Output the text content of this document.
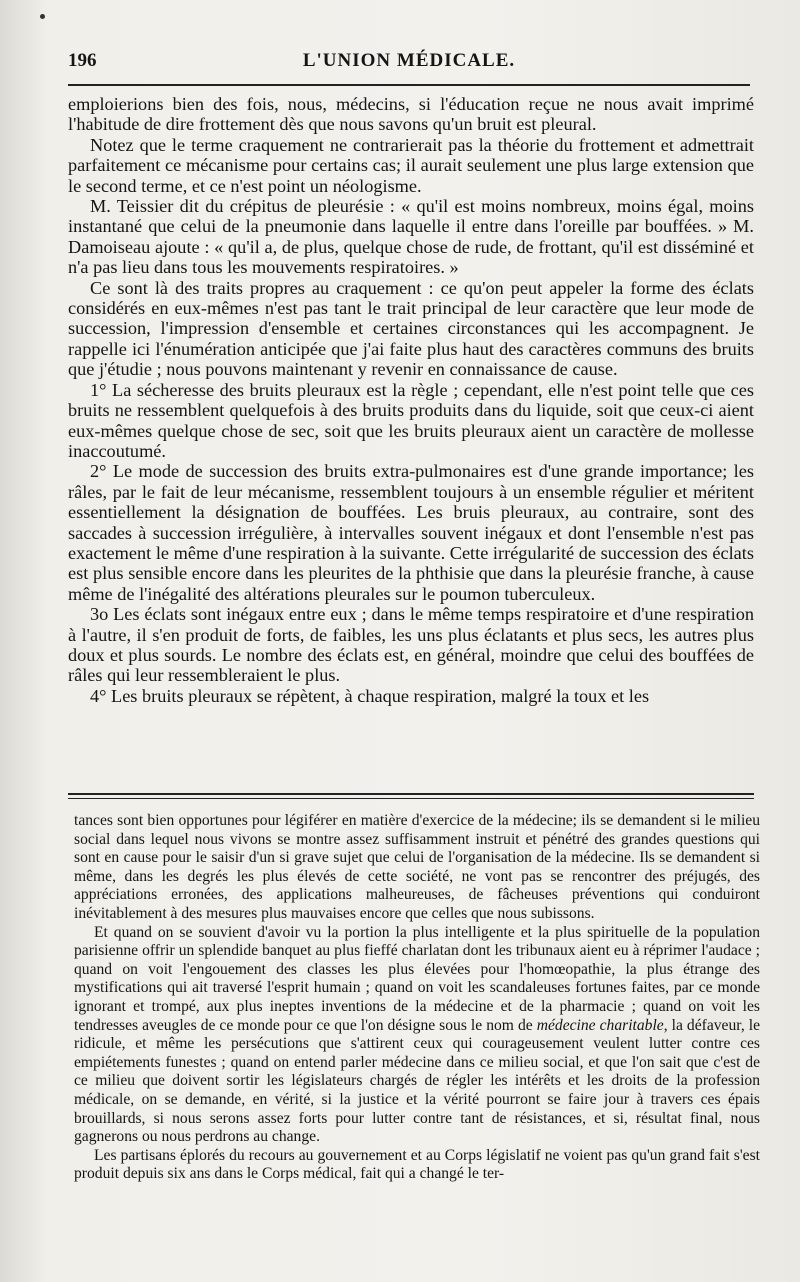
196	L'UNION MÉDICALE.

emploierions bien des fois, nous, médecins, si l'éducation reçue ne nous avait imprimé l'habitude de dire frottement dès que nous savons qu'un bruit est pleural.

Notez que le terme craquement ne contrarierait pas la théorie du frottement et admettrait parfaitement ce mécanisme pour certains cas; il aurait seulement une plus large extension que le second terme, et ce n'est point un néologisme.

M. Teissier dit du crépitus de pleurésie : « qu'il est moins nombreux, moins égal, moins instantané que celui de la pneumonie dans laquelle il entre dans l'oreille par bouffées. » M. Damoiseau ajoute : « qu'il a, de plus, quelque chose de rude, de frottant, qu'il est disséminé et n'a pas lieu dans tous les mouvements respiratoires. »

Ce sont là des traits propres au craquement : ce qu'on peut appeler la forme des éclats considérés en eux-mêmes n'est pas tant le trait principal de leur caractère que leur mode de succession, l'impression d'ensemble et certaines circonstances qui les accompagnent. Je rappelle ici l'énumération anticipée que j'ai faite plus haut des caractères communs des bruits que j'étudie ; nous pouvons maintenant y revenir en connaissance de cause.

1° La sécheresse des bruits pleuraux est la règle ; cependant, elle n'est point telle que ces bruits ne ressemblent quelquefois à des bruits produits dans du liquide, soit que ceux-ci aient eux-mêmes quelque chose de sec, soit que les bruits pleuraux aient un caractère de mollesse inaccoutumé.

2° Le mode de succession des bruits extra-pulmonaires est d'une grande importance; les râles, par le fait de leur mécanisme, ressemblent toujours à un ensemble régulier et méritent essentiellement la désignation de bouffées. Les bruis pleuraux, au contraire, sont des saccades à succession irrégulière, à intervalles souvent inégaux et dont l'ensemble n'est pas exactement le même d'une respiration à la suivante. Cette irrégularité de succession des éclats est plus sensible encore dans les pleurites de la phthisie que dans la pleurésie franche, à cause même de l'inégalité des altérations pleurales sur le poumon tuberculeux.

3o Les éclats sont inégaux entre eux ; dans le même temps respiratoire et d'une respiration à l'autre, il s'en produit de forts, de faibles, les uns plus éclatants et plus secs, les autres plus doux et plus sourds. Le nombre des éclats est, en général, moindre que celui des bouffées de râles qui leur ressembleraient le plus.

4° Les bruits pleuraux se répètent, à chaque respiration, malgré la toux et les

tances sont bien opportunes pour légiférer en matière d'exercice de la médecine; ils se demandent si le milieu social dans lequel nous vivons se montre assez suffisamment instruit et pénétré des grandes questions qui sont en cause pour le saisir d'un si grave sujet que celui de l'organisation de la médecine. Ils se demandent si même, dans les degrés les plus élevés de cette société, ne vont pas se rencontrer des préjugés, des appréciations erronées, des applications malheureuses, de fâcheuses préventions qui conduiront inévitablement à des mesures plus mauvaises encore que celles que nous subissons.

Et quand on se souvient d'avoir vu la portion la plus intelligente et la plus spirituelle de la population parisienne offrir un splendide banquet au plus fieffé charlatan dont les tribunaux aient eu à réprimer l'audace ; quand on voit l'engouement des classes les plus élevées pour l'homœopathie, la plus étrange des mystifications qui ait traversé l'esprit humain ; quand on voit les scandaleuses fortunes faites, par ce monde ignorant et trompé, aux plus ineptes inventions de la médecine et de la pharmacie ; quand on voit les tendresses aveugles de ce monde pour ce que l'on désigne sous le nom de médecine charitable, la défaveur, le ridicule, et même les persécutions que s'attirent ceux qui courageusement veulent lutter contre ces empiétements funestes ; quand on entend parler médecine dans ce milieu social, et que l'on sait que c'est de ce milieu que doivent sortir les législateurs chargés de régler les intérêts et les droits de la profession médicale, on se demande, en vérité, si la justice et la vérité pourront se faire jour à travers ces épais brouillards, si nous serons assez forts pour lutter contre tant de résistances, et si, résultat final, nous gagnerons ou nous perdrons au change.

Les partisans éplorés du recours au gouvernement et au Corps législatif ne voient pas qu'un grand fait s'est produit depuis six ans dans le Corps médical, fait qui a changé le ter-
